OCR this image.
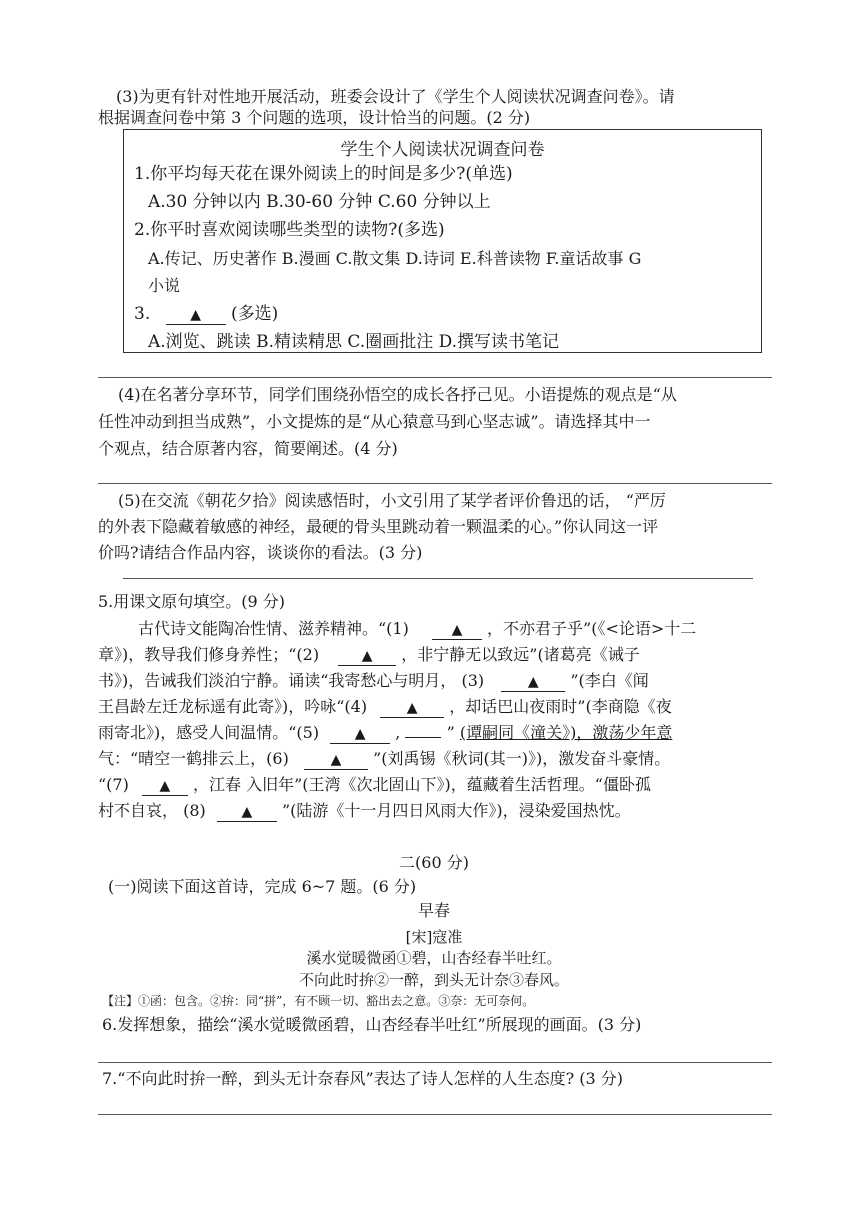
(3)为更有针对性地开展活动，班委会设计了《学生个人阅读状况调查问卷》。请
根据调查问卷中第 3 个问题的选项，设计恰当的问题。(2 分)
学生个人阅读状况调查问卷
1.你平均每天花在课外阅读上的时间是多少?(单选)
A.30 分钟以内 B.30-60 分钟 C.60 分钟以上
2.你平时喜欢阅读哪些类型的读物?(多选)
A.传记、历史著作 B.漫画 C.散文集 D.诗词 E.科普读物 F.童话故事 G
小说
3.	▲ (多选)
A.浏览、跳读 B.精读精思 C.圈画批注 D.撰写读书笔记
(4)在名著分享环节，同学们围绕孙悟空的成长各抒己见。小语提炼的观点是“从
任性冲动到担当成熟”，小文提炼的是“从心猿意马到心坚志诚”。请选择其中一
个观点，结合原著内容，简要阐述。(4 分)
(5)在交流《朝花夕拾》阅读感悟时，小文引用了某学者评价鲁迅的话， “严厉
的外表下隐藏着敏感的神经，最硬的骨头里跳动着一颗温柔的心。”你认同这一评
价吗?请结合作品内容，谈谈你的看法。(3 分)
5.用课文原句填空。(9 分)
古代诗文能陶冶性情、滋养精神。“(1)	▲ ，不亦君子乎”(《<论语>十二
章》)，教导我们修身养性；“(2)	▲ ，非宁静无以致远”(诸葛亮《诫子
书》)，告诫我们淡泊宁静。诵读“我寄愁心与明月， (3)	▲ ”(李白《闻
王昌龄左迁龙标遥有此寄》)，吟咏“(4)	▲ ，却话巴山夜雨时”(李商隐《夜
雨寄北》)，感受人间温情。“(5)	▲ ,	” (谭嗣同《潼关》)，激荡少年意
气：“晴空一鹤排云上，(6)	▲ ”(刘禹锡《秋词(其一)》)，激发奋斗豪情。
“(7) ▲ ，江春 入旧年”(王湾《次北固山下》)，蕴藏着生活哲理。“僵卧孤
村不自哀， (8)	▲ ”(陆游《十一月四日风雨大作》)，浸染爱国热忱。
二(60 分)
(一)阅读下面这首诗，完成 6~7 题。(6 分)
早春
[宋]寇准
溪水觉暖微函①碧，山杏经春半吐红。
不向此时拚②一醉，到头无计奈③春风。
【注】①函：包含。②拚：同“拼”，有不顾一切、豁出去之意。③奈：无可奈何。
6.发挥想象，描绘“溪水觉暖微函碧，山杏经春半吐红”所展现的画面。(3 分)
7.“不向此时拚一醉，到头无计奈春风”表达了诗人怎样的人生态度? (3 分)
